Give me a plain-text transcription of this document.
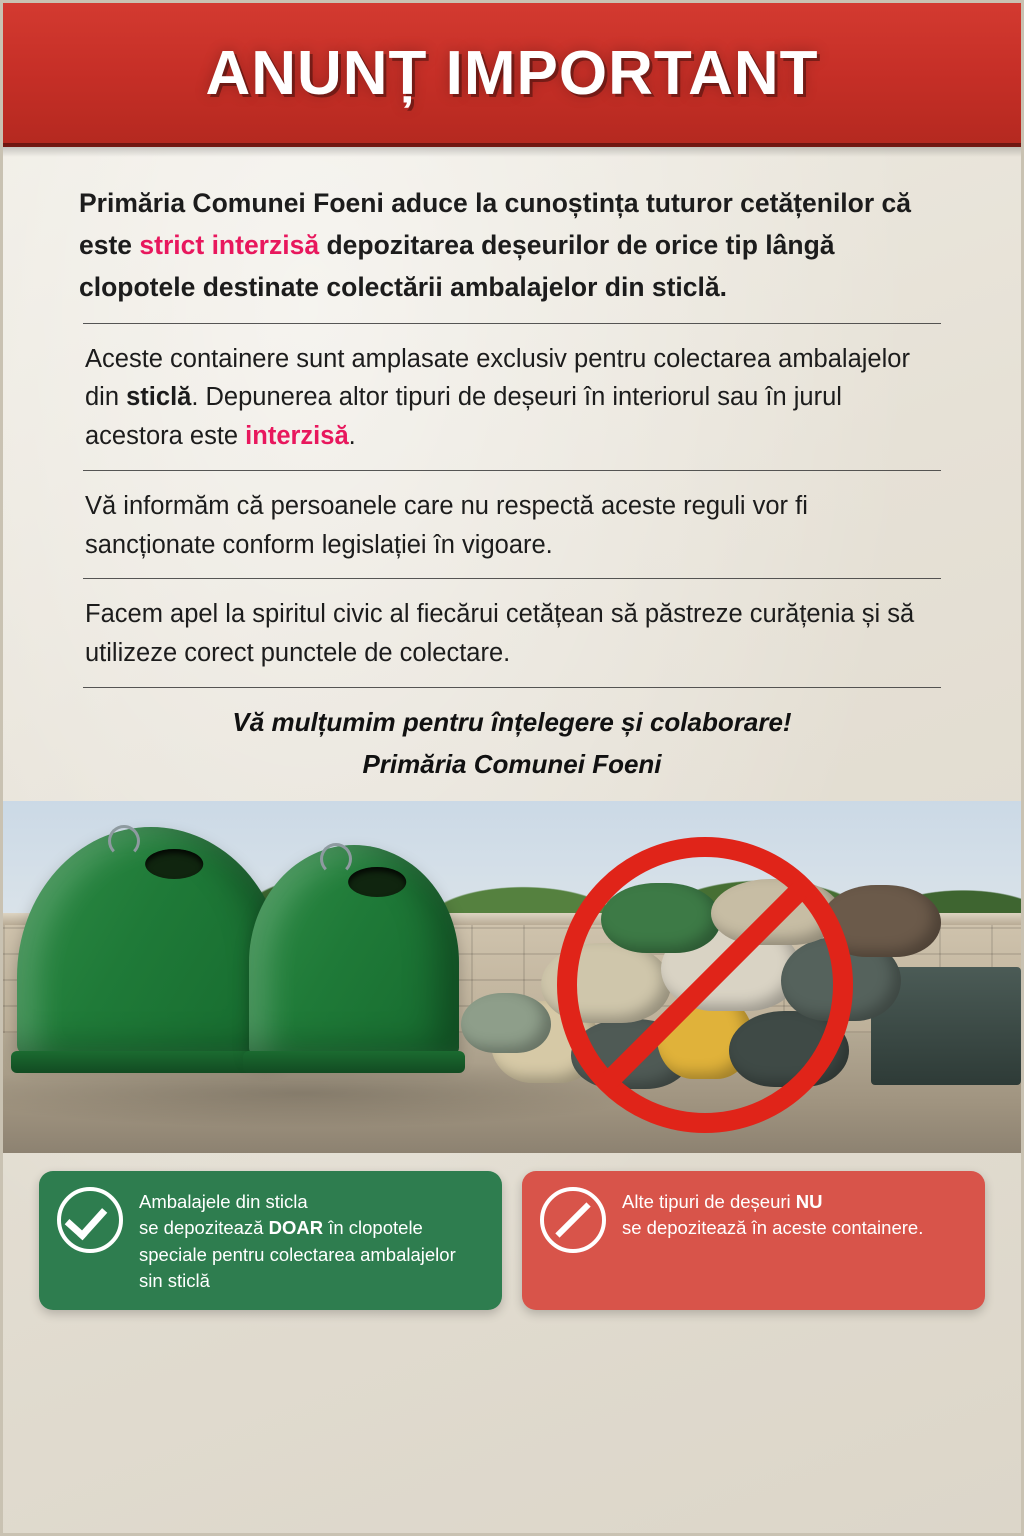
ANUNȚ IMPORTANT

Primăria Comunei Foeni aduce la cunoștința tuturor cetățenilor că este strict interzisă depozitarea deșeurilor de orice tip lângă clopotele destinate colectării ambalajelor din sticlă.

Aceste containere sunt amplasate exclusiv pentru colectarea ambalajelor din sticlă. Depunerea altor tipuri de deșeuri în interiorul sau în jurul acestora este interzisă.

Vă informăm că persoanele care nu respectă aceste reguli vor fi sancționate conform legislației în vigoare.

Facem apel la spiritul civic al fiecărui cetățean să păstreze curățenia și să utilizeze corect punctele de colectare.

Vă mulțumim pentru înțelegere și colaborare!

Primăria Comunei Foeni

Ambalajele din sticla
se depozitează DOAR în clopotele
speciale pentru colectarea ambalajelor
sin sticlă
Alte tipuri de deșeuri NU
se depozitează în aceste containere.
